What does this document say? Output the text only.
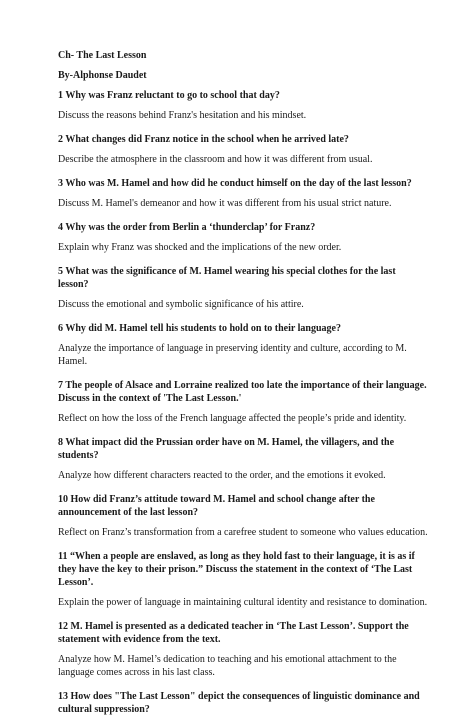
Ch- The Last Lesson
By-Alphonse Daudet
1 Why was Franz reluctant to go to school that day?
Discuss the reasons behind Franz's hesitation and his mindset.
2 What changes did Franz notice in the school when he arrived late?
Describe the atmosphere in the classroom and how it was different from usual.
3 Who was M. Hamel and how did he conduct himself on the day of the last lesson?
Discuss M. Hamel's demeanor and how it was different from his usual strict nature.
4 Why was the order from Berlin a ‘thunderclap’ for Franz?
Explain why Franz was shocked and the implications of the new order.
5 What was the significance of M. Hamel wearing his special clothes for the last lesson?
Discuss the emotional and symbolic significance of his attire.
6 Why did M. Hamel tell his students to hold on to their language?
Analyze the importance of language in preserving identity and culture, according to M. Hamel.
7 The people of Alsace and Lorraine realized too late the importance of their language. Discuss in the context of 'The Last Lesson.'
Reflect on how the loss of the French language affected the people’s pride and identity.
8 What impact did the Prussian order have on M. Hamel, the villagers, and the students?
Analyze how different characters reacted to the order, and the emotions it evoked.
10 How did Franz’s attitude toward M. Hamel and school change after the announcement of the last lesson?
Reflect on Franz’s transformation from a carefree student to someone who values education.
11 “When a people are enslaved, as long as they hold fast to their language, it is as if they have the key to their prison.” Discuss the statement in the context of ‘The Last Lesson’.
Explain the power of language in maintaining cultural identity and resistance to domination.
12 M. Hamel is presented as a dedicated teacher in ‘The Last Lesson’. Support the statement with evidence from the text.
Analyze how M. Hamel’s dedication to teaching and his emotional attachment to the language comes across in his last class.
13 How does "The Last Lesson" depict the consequences of linguistic dominance and cultural suppression?
